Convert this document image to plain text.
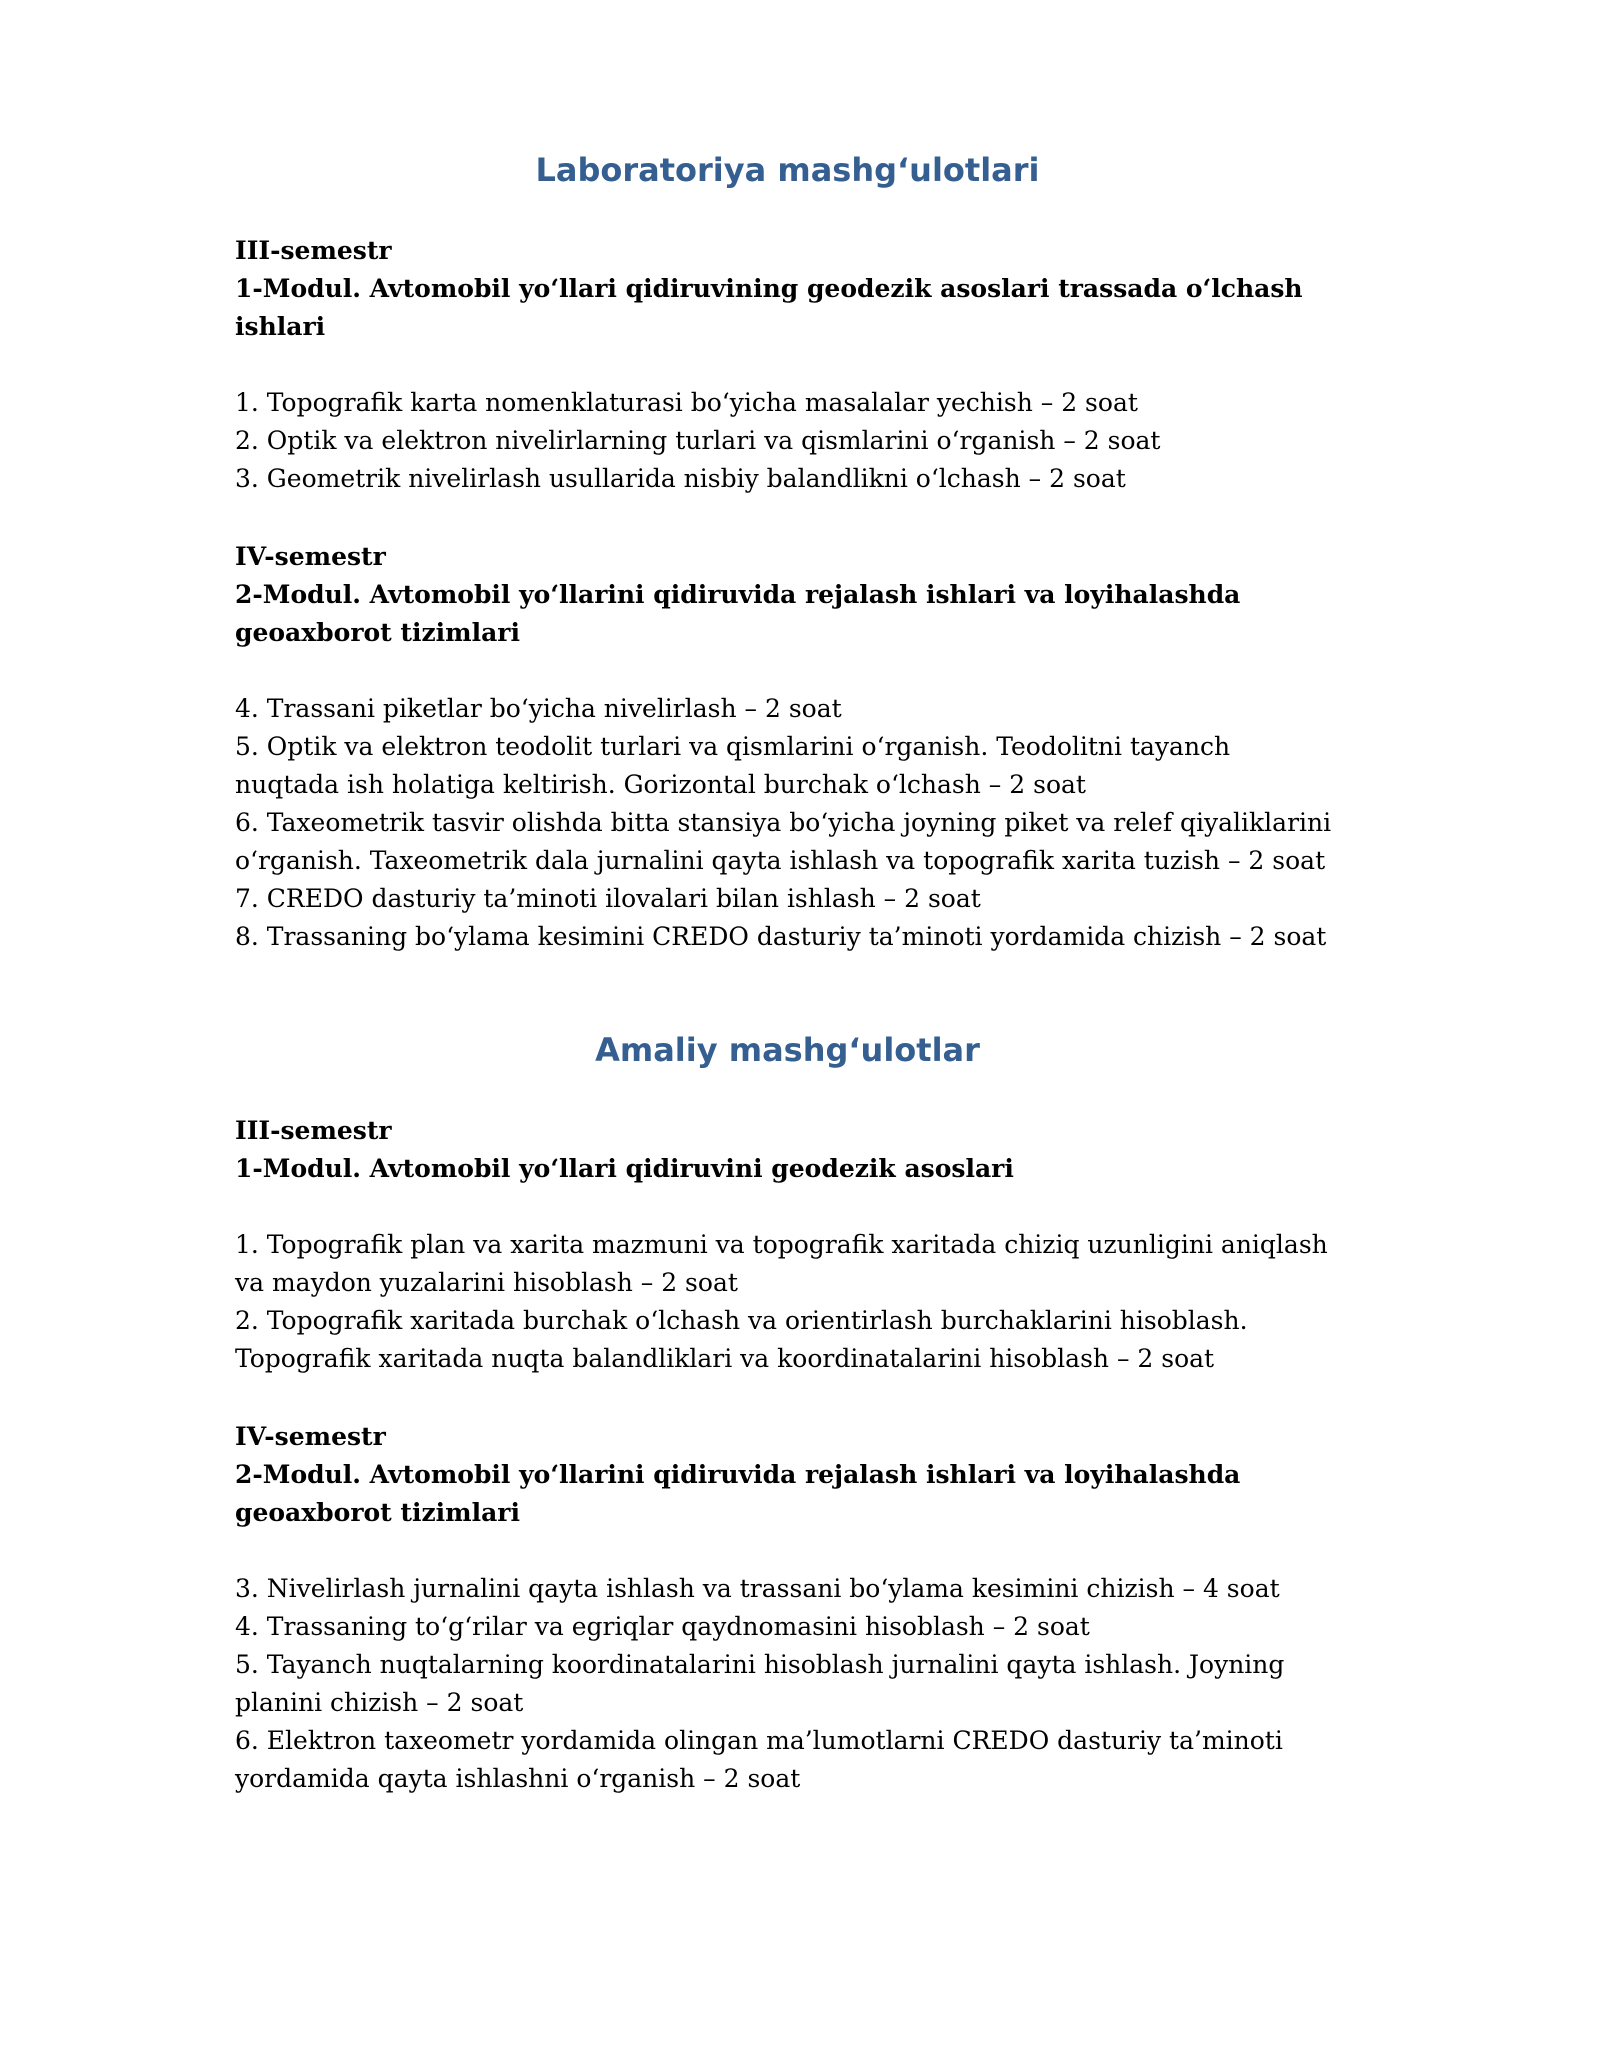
Laboratoriya mashg‘ulotlari
III-semestr
1-Modul. Avtomobil yo‘llari qidiruvining geodezik asoslari trassada o‘lchash ishlari
1. Topografik karta nomenklaturasi bo‘yicha masalalar yechish – 2 soat
2. Optik va elektron nivelirlarning turlari va qismlarini o‘rganish – 2 soat
3. Geometrik nivelirlash usullarida nisbiy balandlikni o‘lchash – 2 soat
IV-semestr
2-Modul. Avtomobil yo‘llarini qidiruvida rejalash ishlari va loyihalashda geoaxborot tizimlari
4. Trassani piketlar bo‘yicha nivelirlash – 2 soat
5. Optik va elektron teodolit turlari va qismlarini o‘rganish. Teodolitni tayanch nuqtada ish holatiga keltirish. Gorizontal burchak o‘lchash – 2 soat
6. Taxeometrik tasvir olishda bitta stansiya bo‘yicha joyning piket va relef qiyaliklarini o‘rganish. Taxeometrik dala jurnalini qayta ishlash va topografik xarita tuzish – 2 soat
7. CREDO dasturiy ta’minoti ilovalari bilan ishlash – 2 soat
8. Trassaning bo‘ylama kesimini CREDO dasturiy ta’minoti yordamida chizish – 2 soat
Amaliy mashg‘ulotlar
III-semestr
1-Modul. Avtomobil yo‘llari qidiruvini geodezik asoslari
1. Topografik plan va xarita mazmuni va topografik xaritada chiziq uzunligini aniqlash va maydon yuzalarini hisoblash – 2 soat
2. Topografik xaritada burchak o‘lchash va orientirlash burchaklarini hisoblash. Topografik xaritada nuqta balandliklari va koordinatalarini hisoblash – 2 soat
IV-semestr
2-Modul. Avtomobil yo‘llarini qidiruvida rejalash ishlari va loyihalashda geoaxborot tizimlari
3. Nivelirlash jurnalini qayta ishlash va trassani bo‘ylama kesimini chizish – 4 soat
4. Trassaning to‘g‘rilar va egriqlar qaydnomasini hisoblash – 2 soat
5. Tayanch nuqtalarning koordinatalarini hisoblash jurnalini qayta ishlash. Joyning planini chizish – 2 soat
6. Elektron taxeometr yordamida olingan ma’lumotlarni CREDO dasturiy ta’minoti yordamida qayta ishlashni o‘rganish – 2 soat
